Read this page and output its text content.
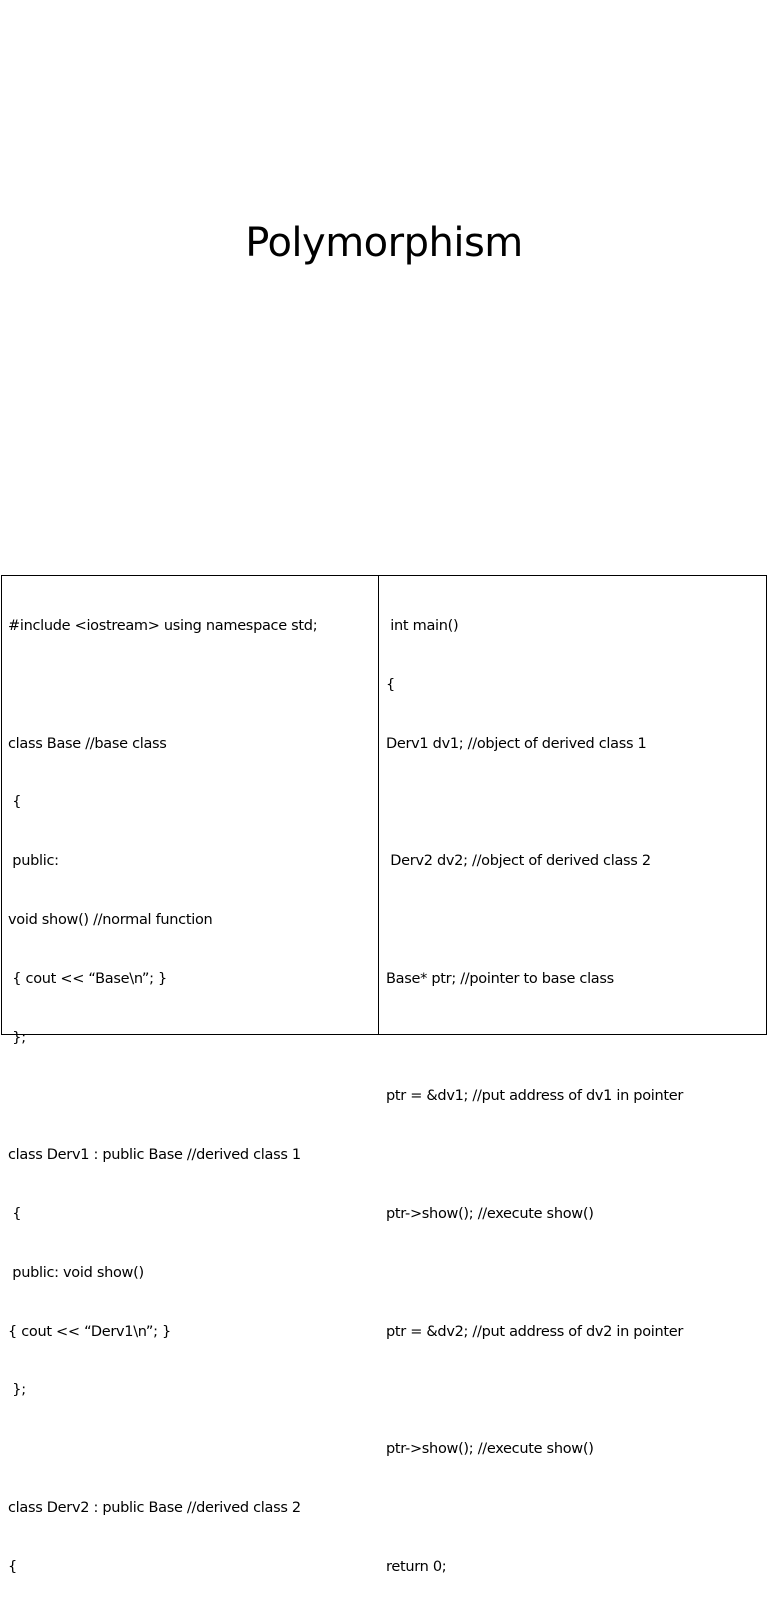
Polymorphism

#include <iostream> using namespace std;

class Base //base class

{

public:

void show() //normal function

{ cout << “Base\n”; }

};

class Derv1 : public Base //derived class 1

{

public: void show()

{ cout << “Derv1\n”; }

};

class Derv2 : public Base //derived class 2

{

int main()

{

Derv1 dv1; //object of derived class 1

Derv2 dv2; //object of derived class 2

Base* ptr; //pointer to base class

ptr = &dv1; //put address of dv1 in pointer

ptr->show(); //execute show()

ptr = &dv2; //put address of dv2 in pointer

ptr->show(); //execute show()

return 0;
